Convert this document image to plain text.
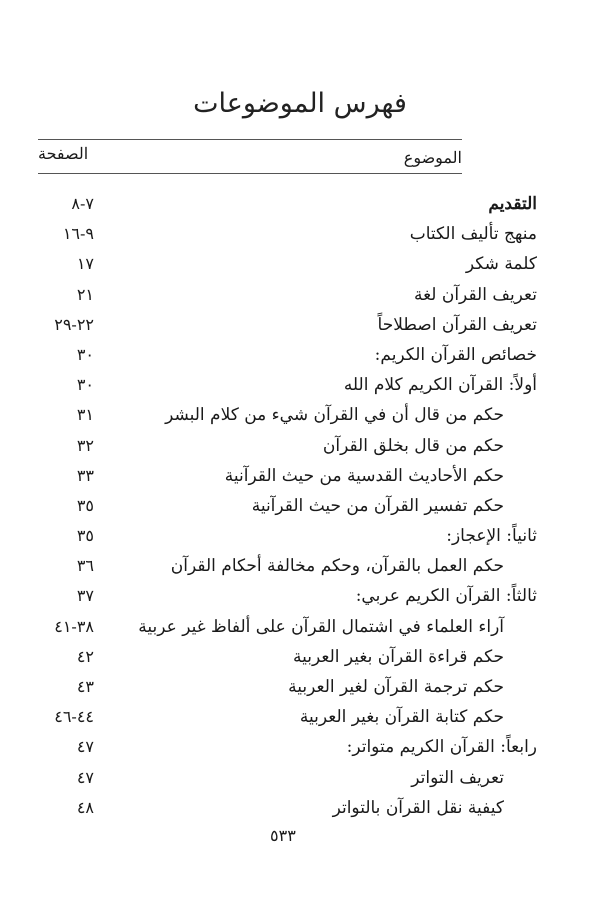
فهرس الموضوعات
الموضوع
الصفحة
التقديم
٧-٨
منهج تأليف الكتاب
٩-١٦
كلمة شكر
١٧
تعريف القرآن لغة
٢١
تعريف القرآن اصطلاحاً
٢٢-٢٩
خصائص القرآن الكريم:
٣٠
أولاً: القرآن الكريم كلام الله
٣٠
حكم من قال أن في القرآن شيء من كلام البشر
٣١
حكم من قال بخلق القرآن
٣٢
حكم الأحاديث القدسية من حيث القرآنية
٣٣
حكم تفسير القرآن من حيث القرآنية
٣٥
ثانياً: الإعجاز:
٣٥
حكم العمل بالقرآن، وحكم مخالفة أحكام القرآن
٣٦
ثالثاً: القرآن الكريم عربي:
٣٧
آراء العلماء في اشتمال القرآن على ألفاظ غير عربية
٣٨-٤١
حكم قراءة القرآن بغير العربية
٤٢
حكم ترجمة القرآن لغير العربية
٤٣
حكم كتابة القرآن بغير العربية
٤٤-٤٦
رابعاً: القرآن الكريم متواتر:
٤٧
تعريف التواتر
٤٧
كيفية نقل القرآن بالتواتر
٤٨
٥٣٣
